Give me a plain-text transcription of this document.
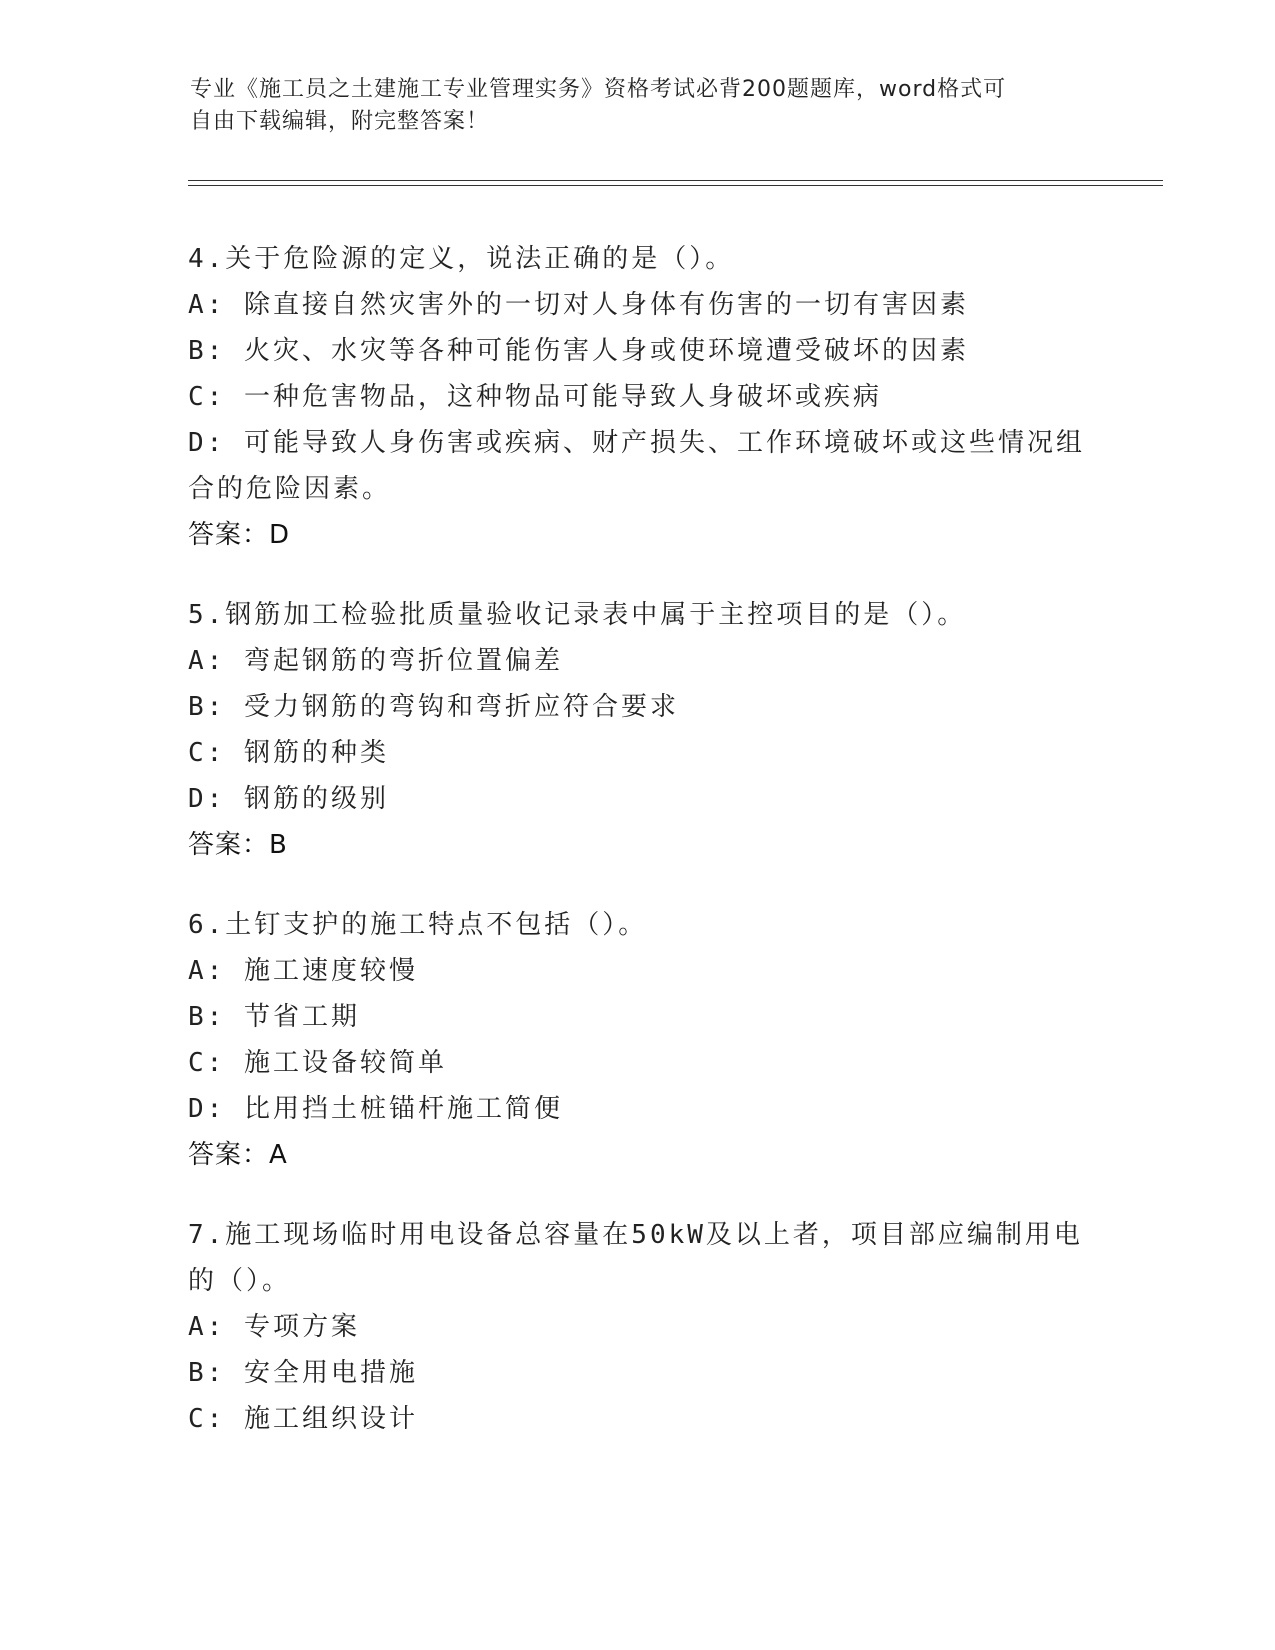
专业《施工员之土建施工专业管理实务》资格考试必背200题题库，word格式可
自由下载编辑，附完整答案！
4.关于危险源的定义，说法正确的是（）。
A: 除直接自然灾害外的一切对人身体有伤害的一切有害因素
B: 火灾、水灾等各种可能伤害人身或使环境遭受破坏的因素
C: 一种危害物品，这种物品可能导致人身破坏或疾病
D: 可能导致人身伤害或疾病、财产损失、工作环境破坏或这些情况组
合的危险因素。
答案：D
5.钢筋加工检验批质量验收记录表中属于主控项目的是（）。
A: 弯起钢筋的弯折位置偏差
B: 受力钢筋的弯钩和弯折应符合要求
C: 钢筋的种类
D: 钢筋的级别
答案：B
6.土钉支护的施工特点不包括（）。
A: 施工速度较慢
B: 节省工期
C: 施工设备较简单
D: 比用挡土桩锚杆施工简便
答案：A
7.施工现场临时用电设备总容量在50kW及以上者，项目部应编制用电
的（）。
A: 专项方案
B: 安全用电措施
C: 施工组织设计
